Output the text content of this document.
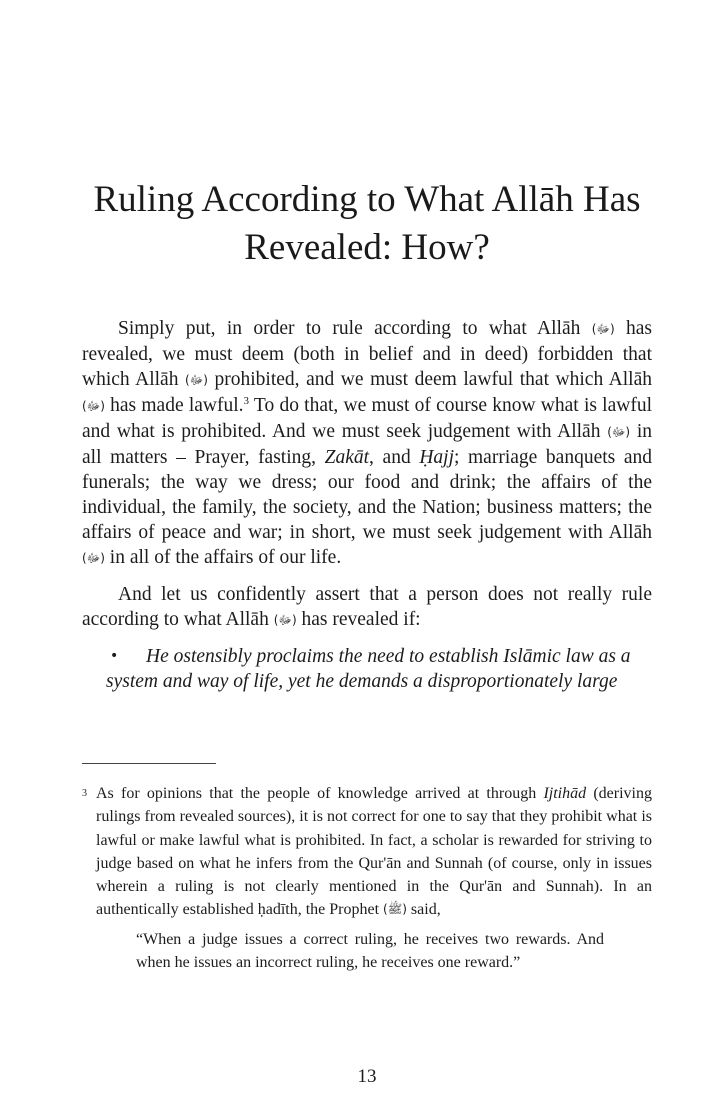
Ruling According to What Allāh Has
Revealed: How?

Simply put, in order to rule according to what Allāh (ﷻ) has revealed, we must deem (both in belief and in deed) forbidden that which Allāh (ﷻ) prohibited, and we must deem lawful that which Allāh (ﷻ) has made lawful.$^3$ To do that, we must of course know what is lawful and what is prohibited. And we must seek judgement with Allāh (ﷻ) in all matters – Prayer, fasting, Zakāt, and Ḥajj; marriage banquets and funerals; the way we dress; our food and drink; the affairs of the individual, the family, the society, and the Nation; business matters; the affairs of peace and war; in short, we must seek judgement with Allāh (ﷻ) in all of the affairs of our life.

And let us confidently assert that a person does not really rule according to what Allāh (ﷻ) has revealed if:

• He ostensibly proclaims the need to establish Islāmic law as a
system and way of life, yet he demands a disproportionately large
3 As for opinions that the people of knowledge arrived at through Ijtihād (deriving rulings from revealed sources), it is not correct for one to say that they prohibit what is lawful or make lawful what is prohibited. In fact, a scholar is rewarded for striving to judge based on what he infers from the Qur'ān and Sunnah (of course, only in issues wherein a ruling is not clearly mentioned in the Qur'ān and Sunnah). In an authentically established ḥadīth, the Prophet (ﷺ) said,

“When a judge issues a correct ruling, he receives two rewards. And when he issues an incorrect ruling, he receives one reward.”

13
